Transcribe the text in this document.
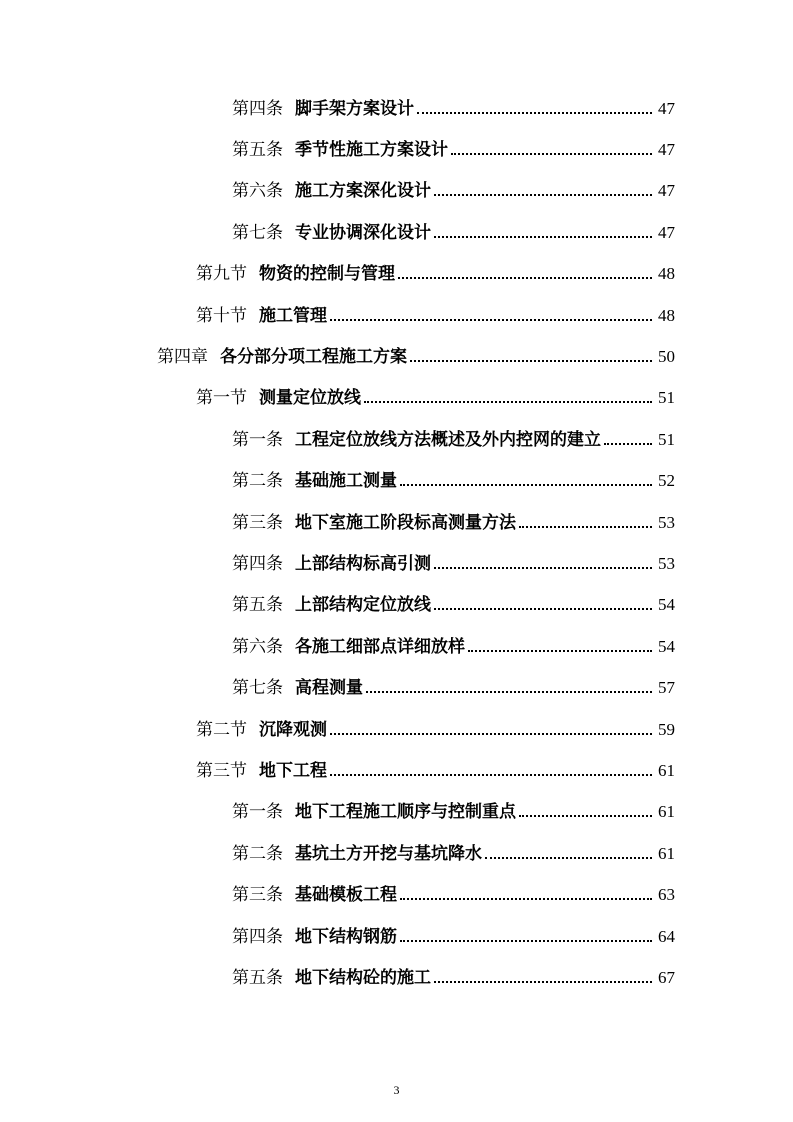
第四条 脚手架方案设计	47
第五条 季节性施工方案设计	47
第六条 施工方案深化设计	47
第七条 专业协调深化设计	47
第九节 物资的控制与管理	48
第十节 施工管理	48
第四章 各分部分项工程施工方案	50
第一节 测量定位放线	51
第一条 工程定位放线方法概述及外内控网的建立	51
第二条 基础施工测量	52
第三条 地下室施工阶段标高测量方法	53
第四条 上部结构标高引测	53
第五条 上部结构定位放线	54
第六条 各施工细部点详细放样	54
第七条 高程测量	57
第二节 沉降观测	59
第三节 地下工程	61
第一条 地下工程施工顺序与控制重点	61
第二条 基坑土方开挖与基坑降水	61
第三条 基础模板工程	63
第四条 地下结构钢筋	64
第五条 地下结构砼的施工	67
3
